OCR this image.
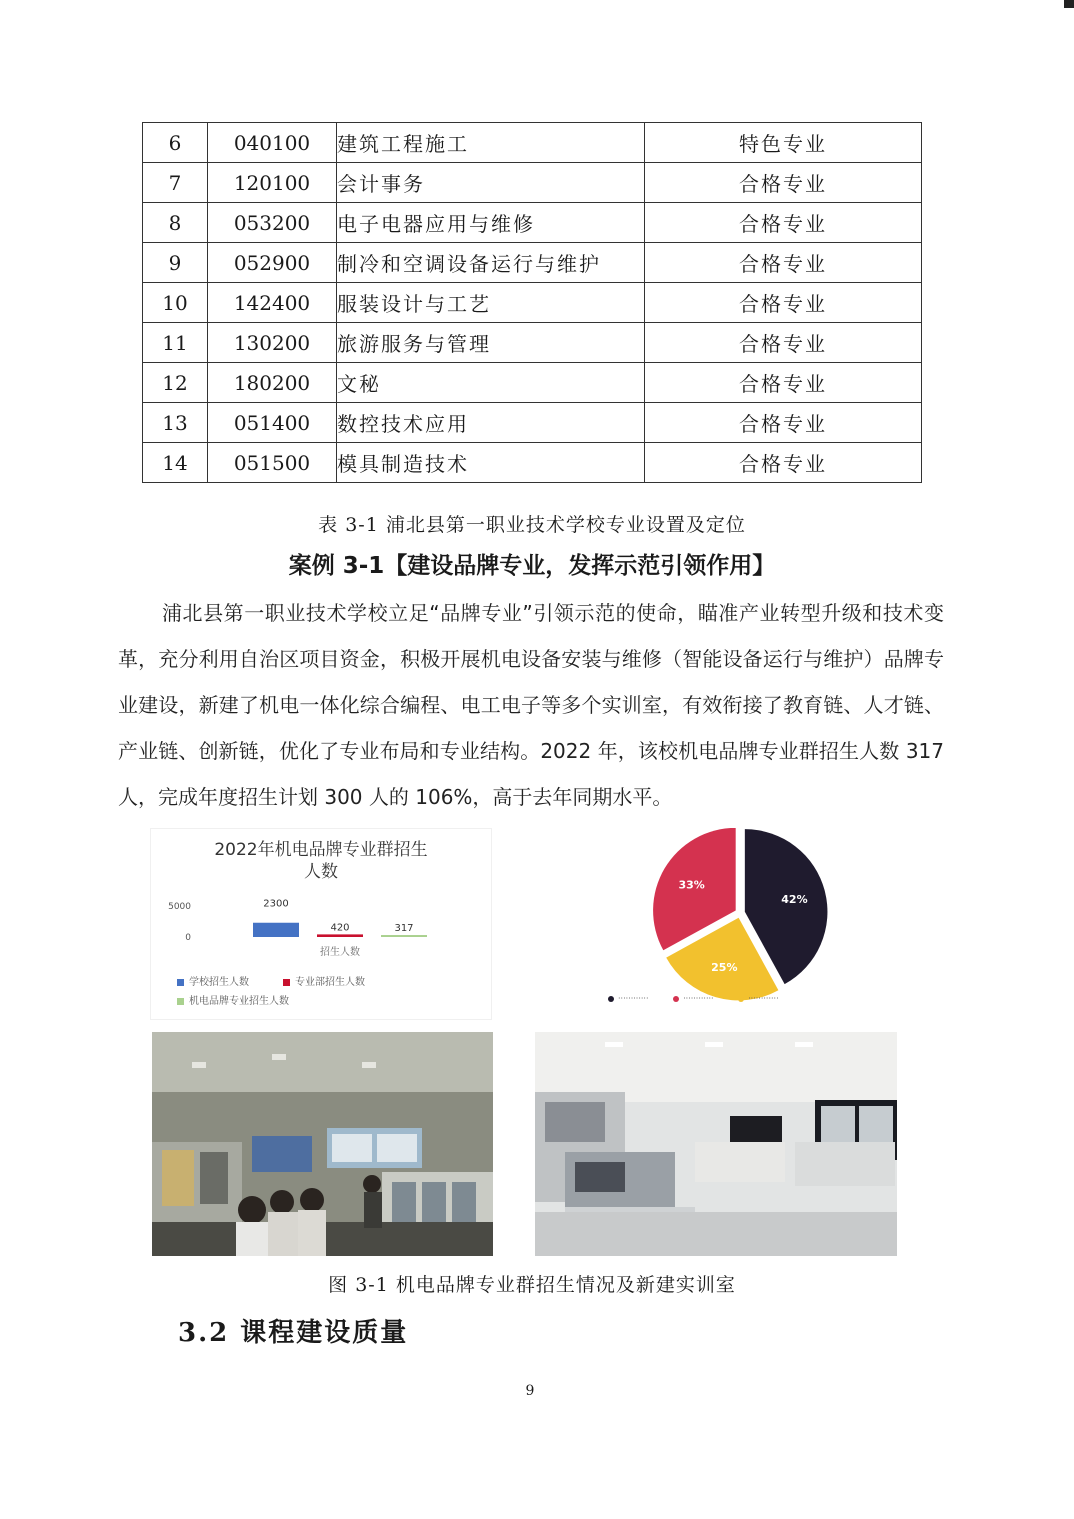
6	040100	建筑工程施工	特色专业
7	120100	会计事务	合格专业
8	053200	电子电器应用与维修	合格专业
9	052900	制冷和空调设备运行与维护	合格专业
10	142400	服装设计与工艺	合格专业
11	130200	旅游服务与管理	合格专业
12	180200	文秘	合格专业
13	051400	数控技术应用	合格专业
14	051500	模具制造技术	合格专业
表 3-1 浦北县第一职业技术学校专业设置及定位
案例 3-1【建设品牌专业，发挥示范引领作用】

浦北县第一职业技术学校立足“品牌专业”引领示范的使命，瞄准产业转型升级和技术变革，充分利用自治区项目资金，积极开展机电设备安装与维修（智能设备运行与维护）品牌专业建设，新建了机电一体化综合编程、电工电子等多个实训室，有效衔接了教育链、人才链、产业链、创新链，优化了专业布局和专业结构。2022 年，该校机电品牌专业群招生人数 317 人，完成年度招生计划 300 人的 106%，高于去年同期水平。

2022年机电品牌专业群招生
人数
5000
0
2300
420	317
招生人数
学校招生人数	专业部招生人数机电品牌专业招生人数
42%
25%
33%
············	············	············
图 3-1 机电品牌专业群招生情况及新建实训室
3.2 课程建设质量
9
